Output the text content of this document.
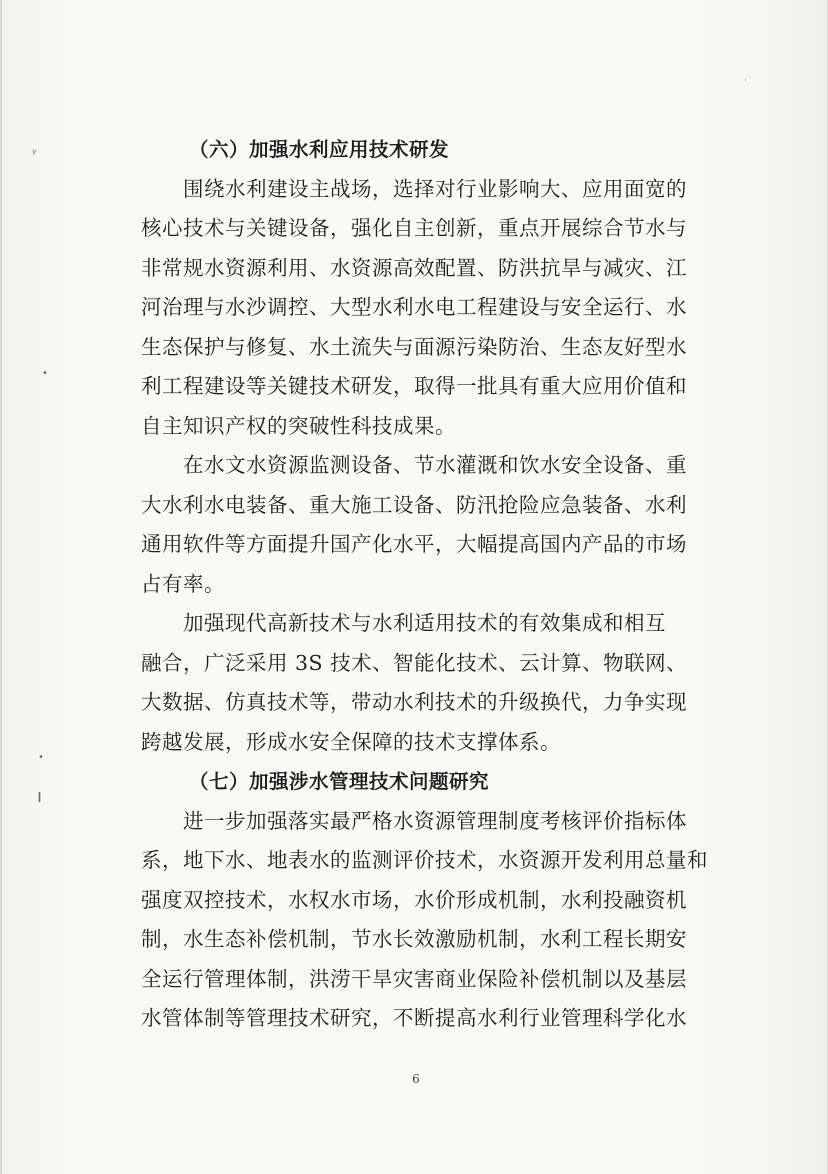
ʸ
•
•
ı
·
（六）加强水利应用技术研发
围绕水利建设主战场，选择对行业影响大、应用面宽的
核心技术与关键设备，强化自主创新，重点开展综合节水与
非常规水资源利用、水资源高效配置、防洪抗旱与减灾、江
河治理与水沙调控、大型水利水电工程建设与安全运行、水
生态保护与修复、水土流失与面源污染防治、生态友好型水
利工程建设等关键技术研发，取得一批具有重大应用价值和
自主知识产权的突破性科技成果。
在水文水资源监测设备、节水灌溉和饮水安全设备、重
大水利水电装备、重大施工设备、防汛抢险应急装备、水利
通用软件等方面提升国产化水平，大幅提高国内产品的市场
占有率。
加强现代高新技术与水利适用技术的有效集成和相互
融合，广泛采用 3S 技术、智能化技术、云计算、物联网、
大数据、仿真技术等，带动水利技术的升级换代，力争实现
跨越发展，形成水安全保障的技术支撑体系。
（七）加强涉水管理技术问题研究
进一步加强落实最严格水资源管理制度考核评价指标体
系，地下水、地表水的监测评价技术，水资源开发利用总量和
强度双控技术，水权水市场，水价形成机制，水利投融资机
制，水生态补偿机制，节水长效激励机制，水利工程长期安
全运行管理体制，洪涝干旱灾害商业保险补偿机制以及基层
水管体制等管理技术研究，不断提高水利行业管理科学化水
6
